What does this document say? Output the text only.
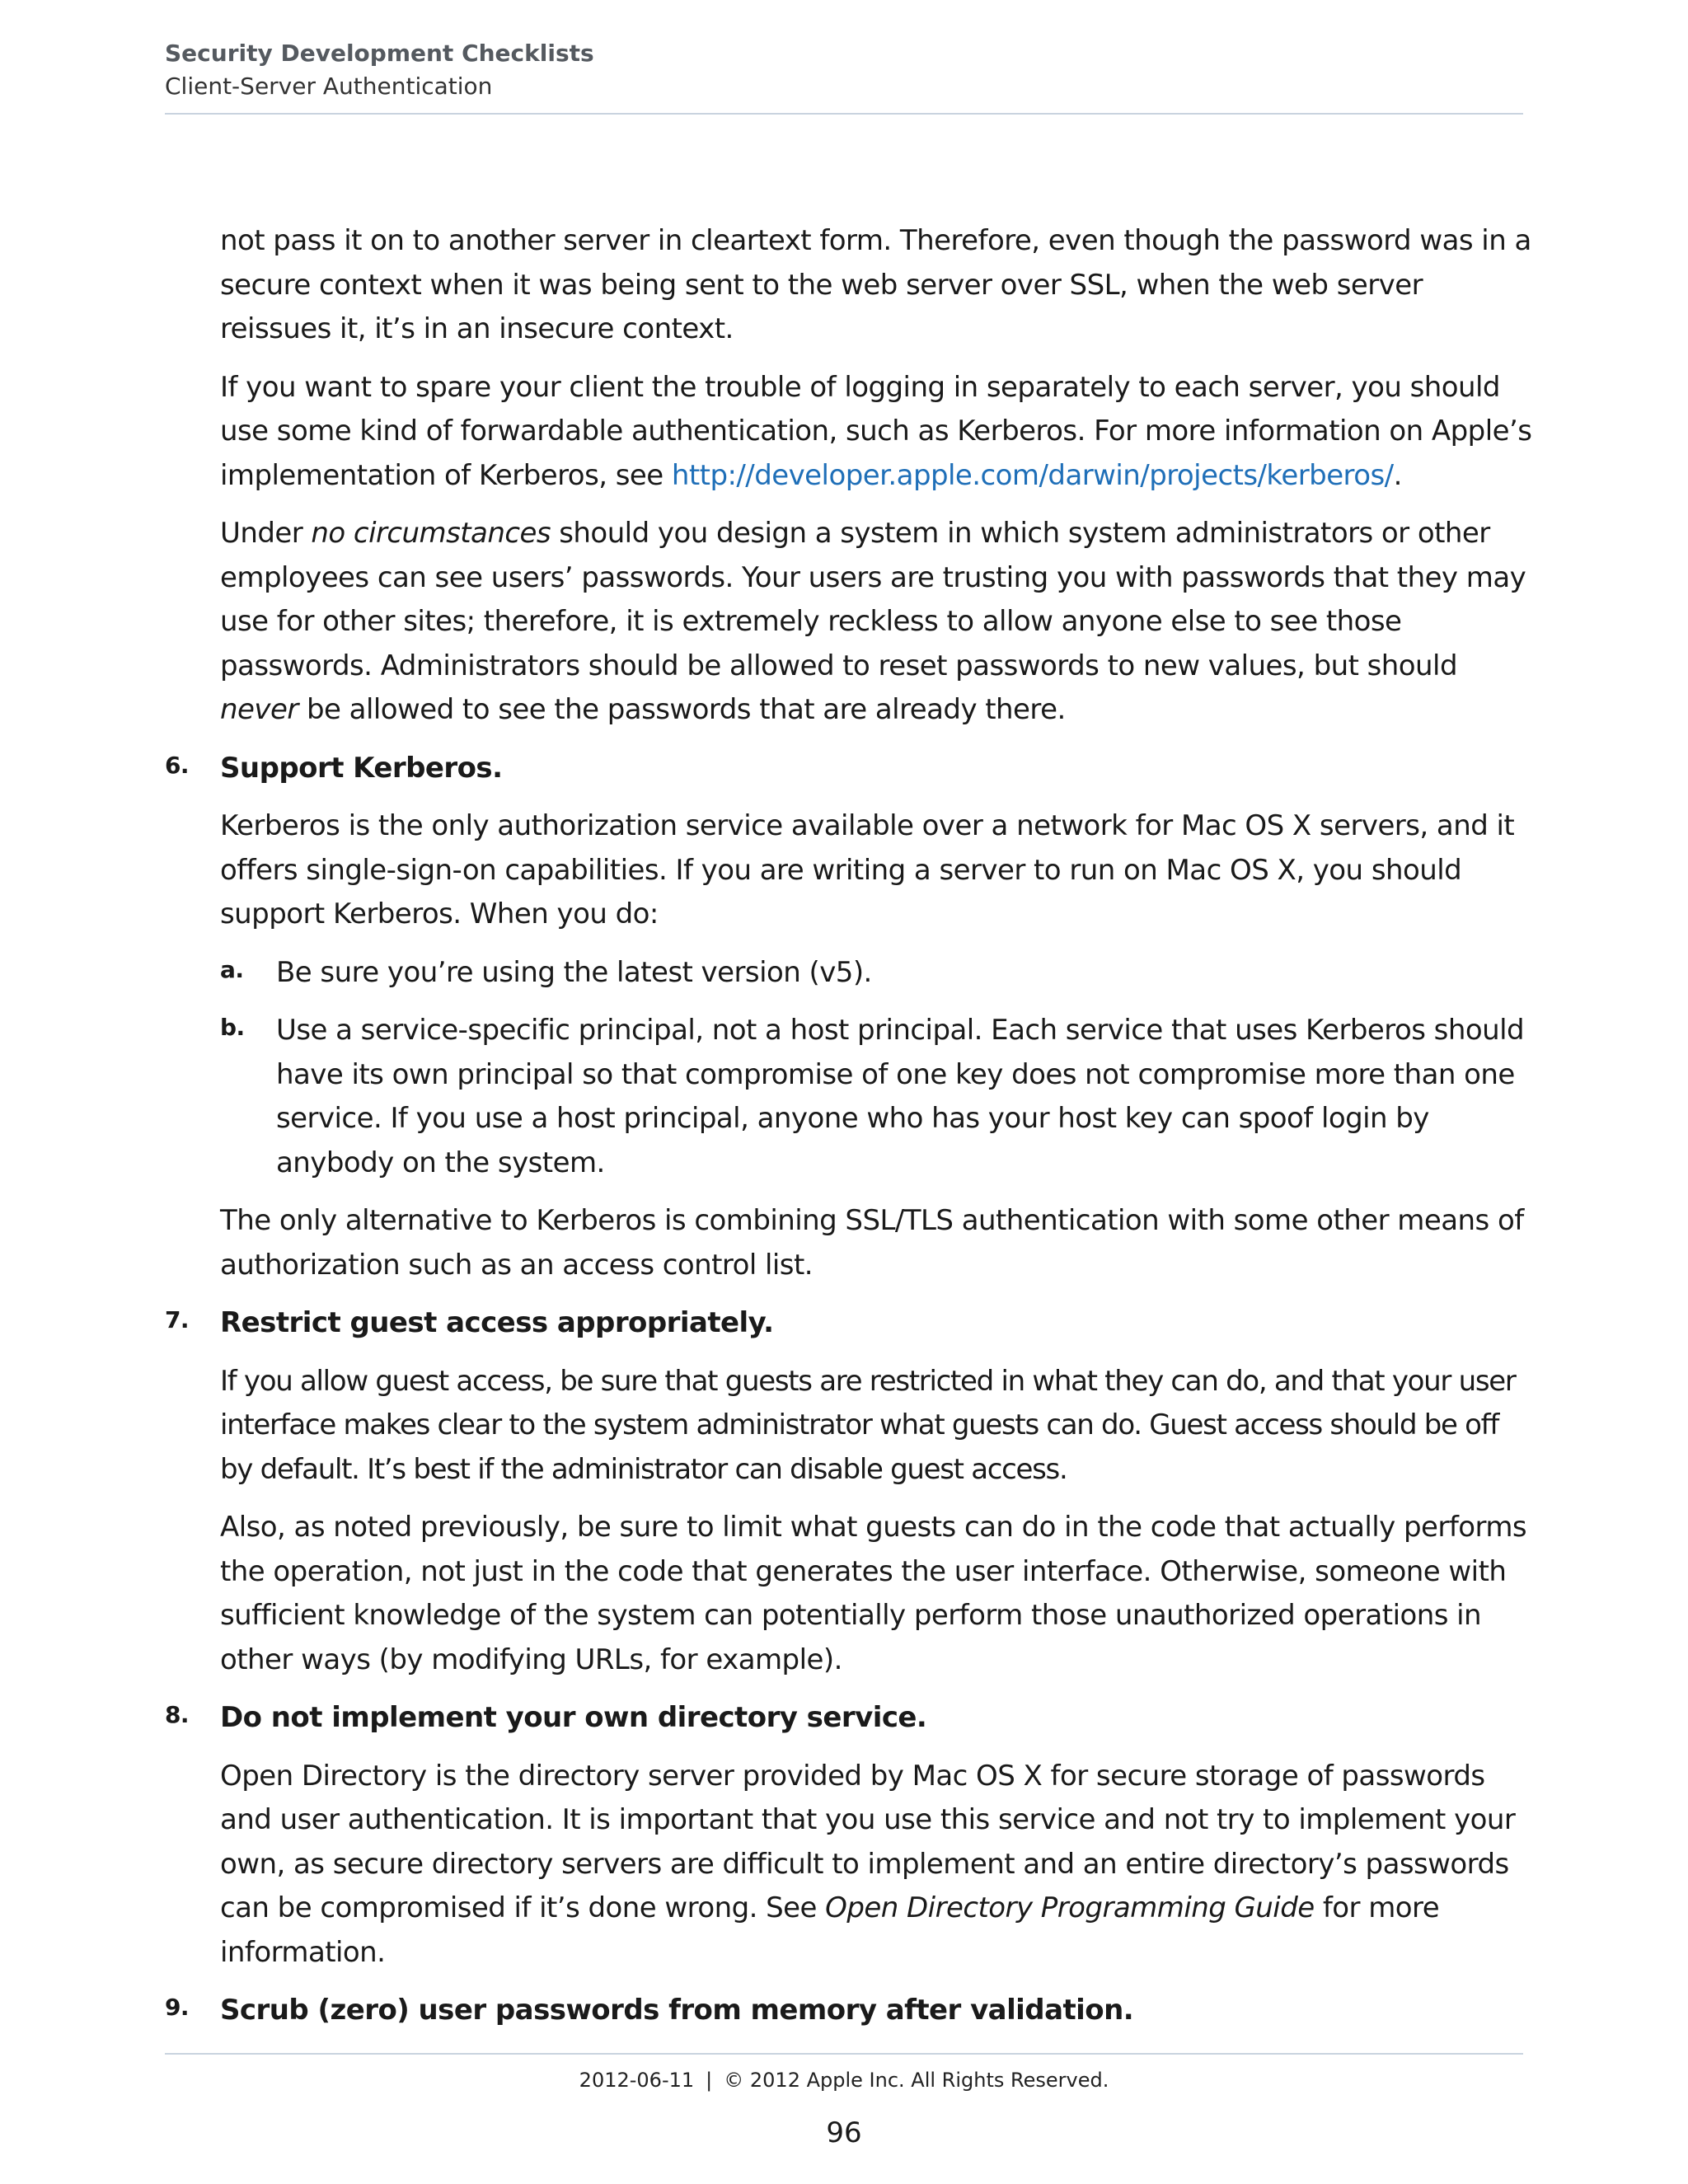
Security Development Checklists
Client-Server Authentication

not pass it on to another server in cleartext form. Therefore, even though the password was in a secure context when it was being sent to the web server over SSL, when the web server reissues it, it’s in an insecure context.

If you want to spare your client the trouble of logging in separately to each server, you should use some kind of forwardable authentication, such as Kerberos. For more information on Apple’s implementation of Kerberos, see http://developer.apple.com/darwin/projects/kerberos/.

Under no circumstances should you design a system in which system administrators or other employees can see users’ passwords. Your users are trusting you with passwords that they may use for other sites; therefore, it is extremely reckless to allow anyone else to see those passwords. Administrators should be allowed to reset passwords to new values, but should never be allowed to see the passwords that are already there.

6. Support Kerberos.

Kerberos is the only authorization service available over a network for Mac OS X servers, and it offers single-sign-on capabilities. If you are writing a server to run on Mac OS X, you should support Kerberos. When you do:

a. Be sure you’re using the latest version (v5).
b. Use a service-specific principal, not a host principal. Each service that uses Kerberos should have its own principal so that compromise of one key does not compromise more than one service. If you use a host principal, anyone who has your host key can spoof login by anybody on the system.

The only alternative to Kerberos is combining SSL/TLS authentication with some other means of authorization such as an access control list.

7. Restrict guest access appropriately.

If you allow guest access, be sure that guests are restricted in what they can do, and that your user interface makes clear to the system administrator what guests can do. Guest access should be off by default. It’s best if the administrator can disable guest access.

Also, as noted previously, be sure to limit what guests can do in the code that actually performs the operation, not just in the code that generates the user interface. Otherwise, someone with sufficient knowledge of the system can potentially perform those unauthorized operations in other ways (by modifying URLs, for example).

8. Do not implement your own directory service.

Open Directory is the directory server provided by Mac OS X for secure storage of passwords and user authentication. It is important that you use this service and not try to implement your own, as secure directory servers are difficult to implement and an entire directory’s passwords can be compromised if it’s done wrong. See Open Directory Programming Guide for more information.

9. Scrub (zero) user passwords from memory after validation.
2012-06-11 | © 2012 Apple Inc. All Rights Reserved.
96
